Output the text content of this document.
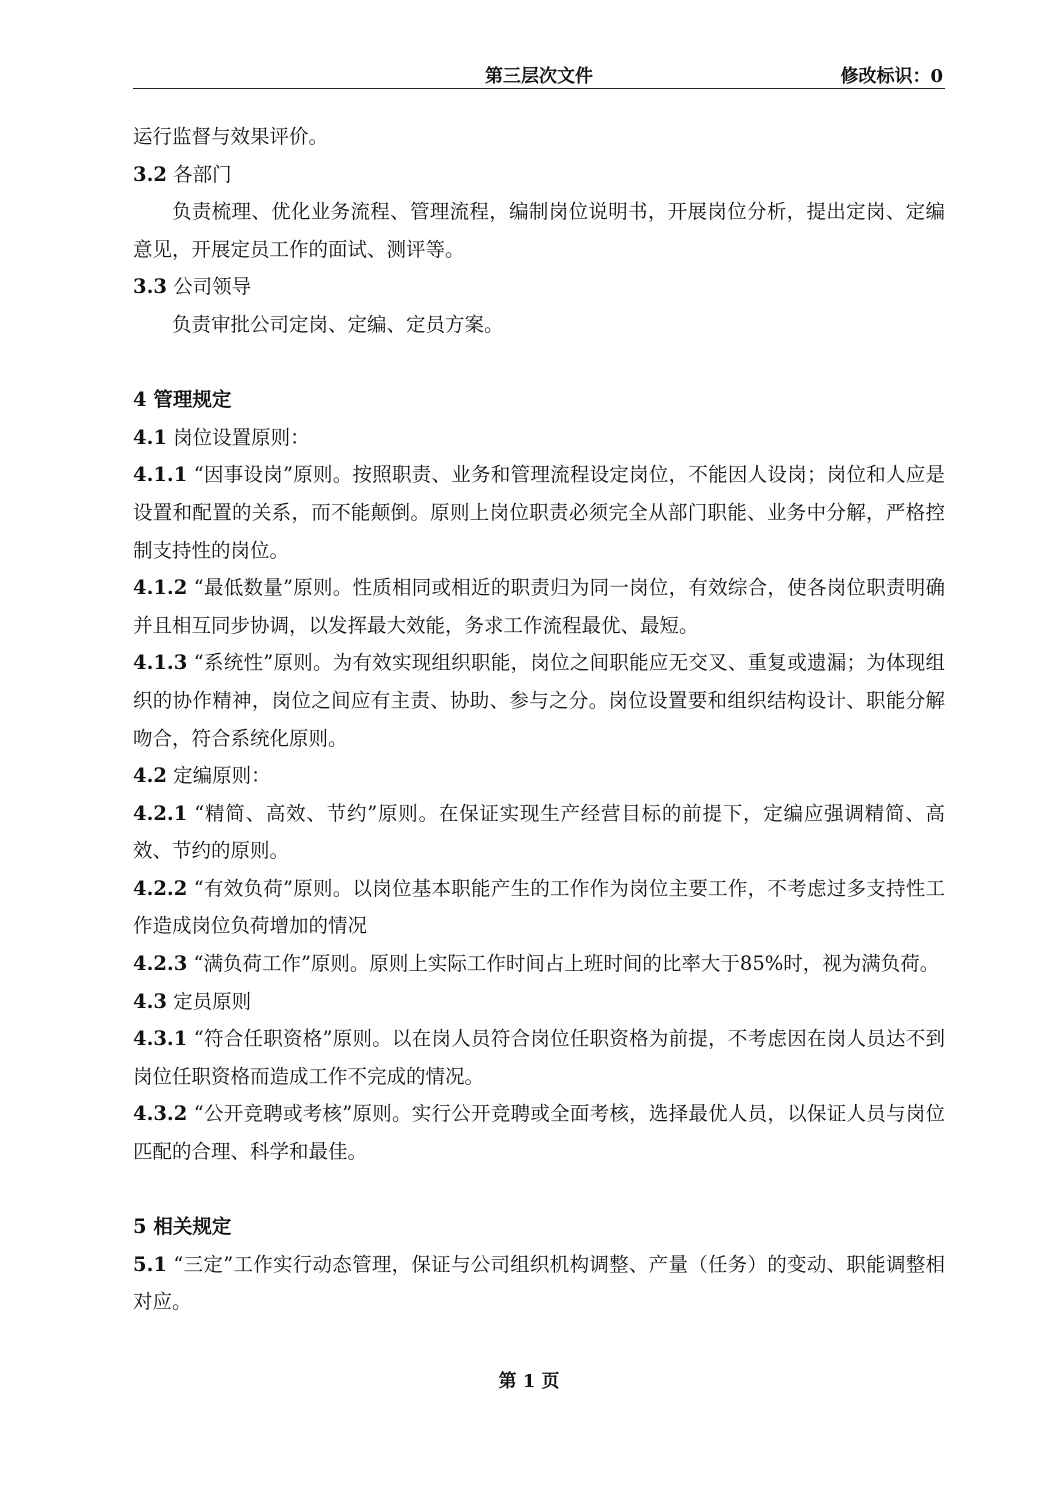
第三层次文件	修改标识：0

运行监督与效果评价。

3.2 各部门

负责梳理、优化业务流程、管理流程，编制岗位说明书，开展岗位分析，提出定岗、定编意见，开展定员工作的面试、测评等。

3.3 公司领导

负责审批公司定岗、定编、定员方案。

4 管理规定

4.1 岗位设置原则：

4.1.1 “因事设岗”原则。按照职责、业务和管理流程设定岗位，不能因人设岗；岗位和人应是设置和配置的关系，而不能颠倒。原则上岗位职责必须完全从部门职能、业务中分解，严格控制支持性的岗位。

4.1.2 “最低数量”原则。性质相同或相近的职责归为同一岗位，有效综合，使各岗位职责明确并且相互同步协调，以发挥最大效能，务求工作流程最优、最短。

4.1.3 “系统性”原则。为有效实现组织职能，岗位之间职能应无交叉、重复或遗漏；为体现组织的协作精神，岗位之间应有主责、协助、参与之分。岗位设置要和组织结构设计、职能分解吻合，符合系统化原则。

4.2 定编原则：

4.2.1 “精简、高效、节约”原则。在保证实现生产经营目标的前提下，定编应强调精简、高效、节约的原则。

4.2.2 “有效负荷”原则。以岗位基本职能产生的工作作为岗位主要工作，不考虑过多支持性工作造成岗位负荷增加的情况

4.2.3 “满负荷工作”原则。原则上实际工作时间占上班时间的比率大于85%时，视为满负荷。

4.3 定员原则

4.3.1 “符合任职资格”原则。以在岗人员符合岗位任职资格为前提，不考虑因在岗人员达不到岗位任职资格而造成工作不完成的情况。

4.3.2 “公开竞聘或考核”原则。实行公开竞聘或全面考核，选择最优人员，以保证人员与岗位匹配的合理、科学和最佳。

5 相关规定

5.1 “三定”工作实行动态管理，保证与公司组织机构调整、产量（任务）的变动、职能调整相对应。

第 1 页
